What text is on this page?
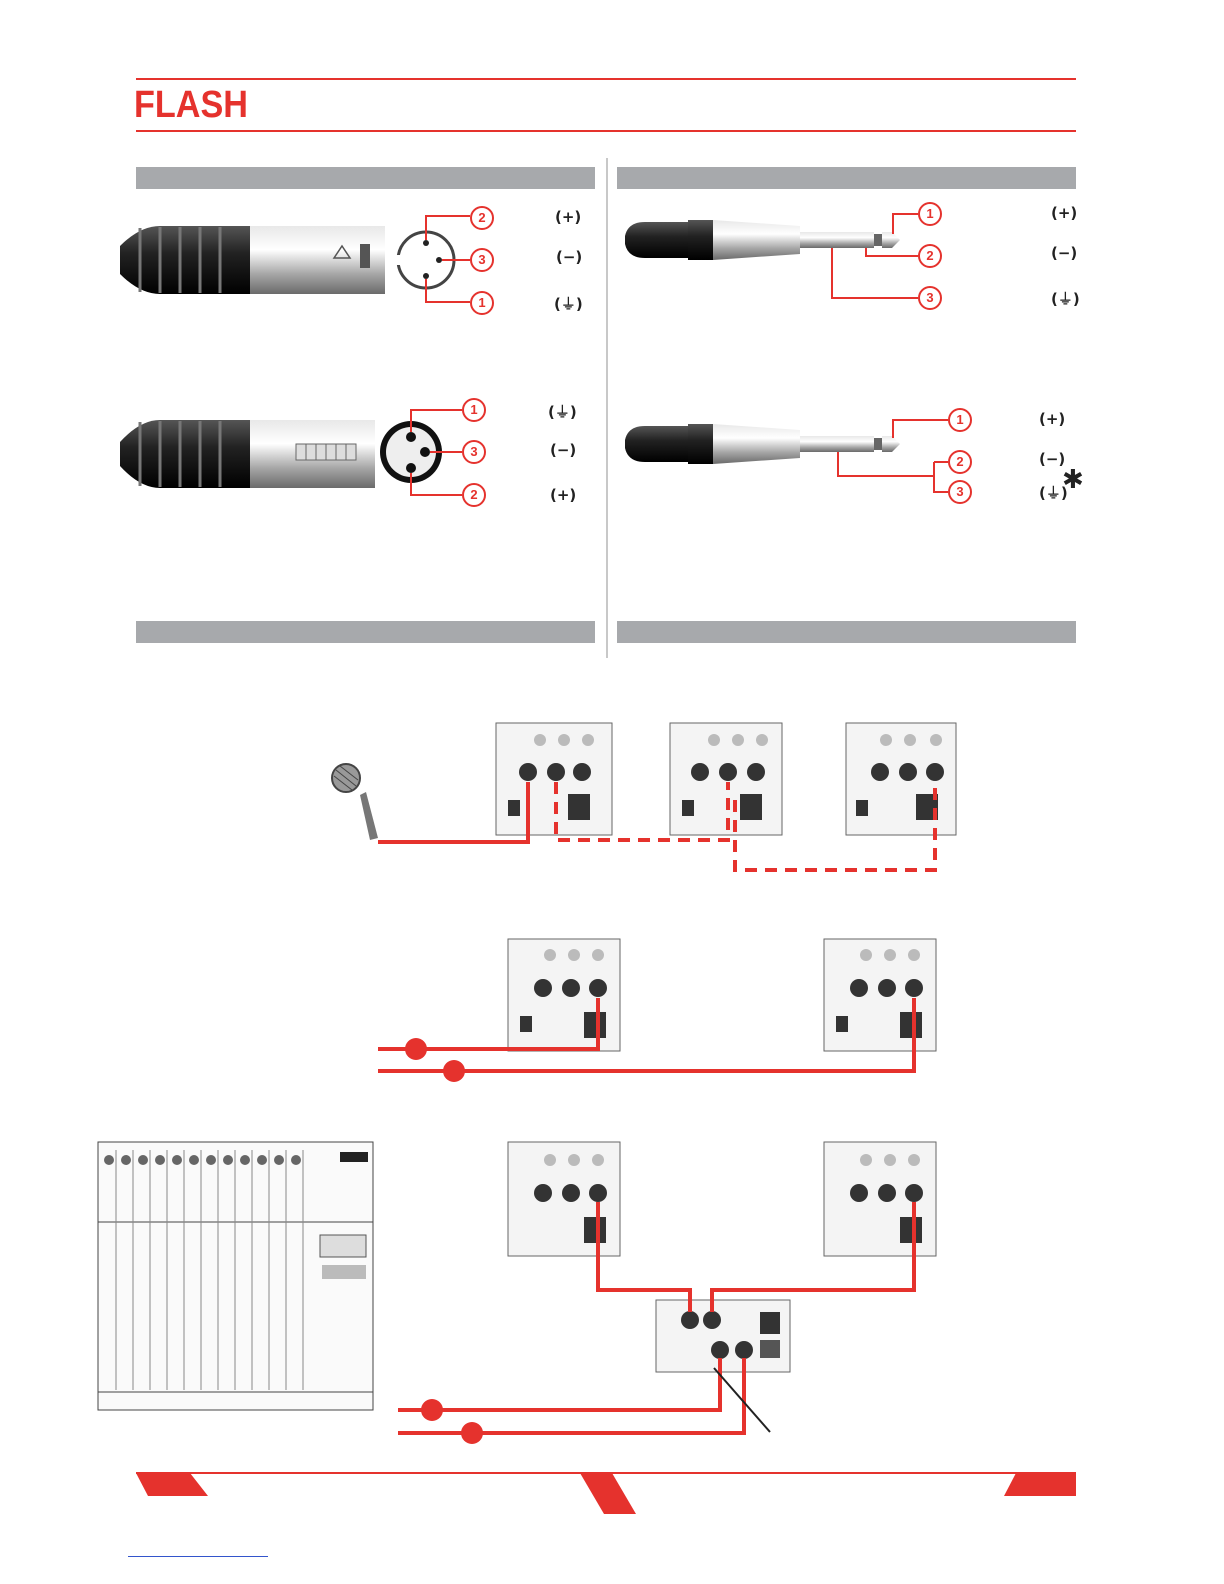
FLASH
2
3
1
(+)
(−)
(⏚)
1
3
2
(⏚)
(−)
(+)
1
2
3
(+)
(−)
(⏚)
1
2
3
(+)
(−)
(⏚)
✱
